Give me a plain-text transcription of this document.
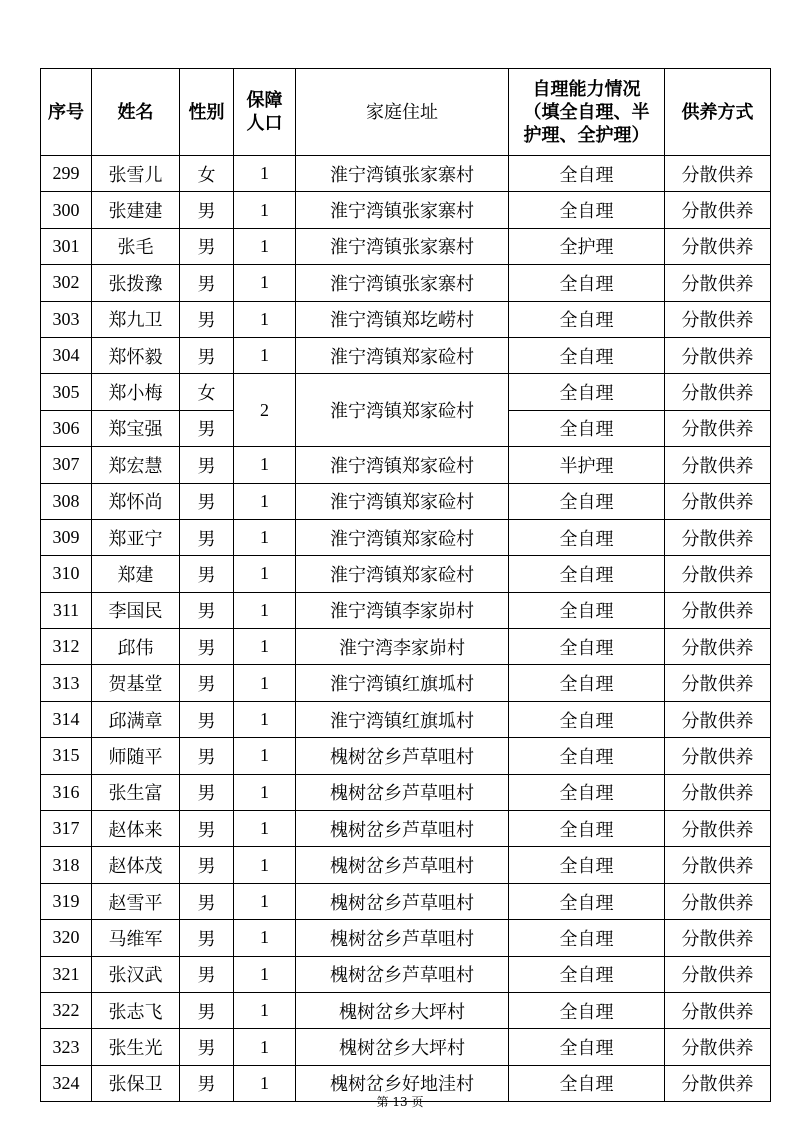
序号	姓名	性别	保障人口	家庭住址	自理能力情况（填全自理、半护理、全护理）	供养方式
299	张雪儿	女	1	淮宁湾镇张家寨村	全自理	分散供养
300	张建建	男	1	淮宁湾镇张家寨村	全自理	分散供养
301	张毛	男	1	淮宁湾镇张家寨村	全护理	分散供养
302	张拨豫	男	1	淮宁湾镇张家寨村	全自理	分散供养
303	郑九卫	男	1	淮宁湾镇郑圪崂村	全自理	分散供养
304	郑怀毅	男	1	淮宁湾镇郑家硷村	全自理	分散供养
305	郑小梅	女	2	淮宁湾镇郑家硷村	全自理	分散供养
306	郑宝强	男			全自理	分散供养
307	郑宏慧	男	1	淮宁湾镇郑家硷村	半护理	分散供养
308	郑怀尚	男	1	淮宁湾镇郑家硷村	全自理	分散供养
309	郑亚宁	男	1	淮宁湾镇郑家硷村	全自理	分散供养
310	郑建	男	1	淮宁湾镇郑家硷村	全自理	分散供养
311	李国民	男	1	淮宁湾镇李家峁村	全自理	分散供养
312	邱伟	男	1	淮宁湾李家峁村	全自理	分散供养
313	贺基堂	男	1	淮宁湾镇红旗坬村	全自理	分散供养
314	邱满章	男	1	淮宁湾镇红旗坬村	全自理	分散供养
315	师随平	男	1	槐树岔乡芦草咀村	全自理	分散供养
316	张生富	男	1	槐树岔乡芦草咀村	全自理	分散供养
317	赵体来	男	1	槐树岔乡芦草咀村	全自理	分散供养
318	赵体茂	男	1	槐树岔乡芦草咀村	全自理	分散供养
319	赵雪平	男	1	槐树岔乡芦草咀村	全自理	分散供养
320	马维军	男	1	槐树岔乡芦草咀村	全自理	分散供养
321	张汉武	男	1	槐树岔乡芦草咀村	全自理	分散供养
322	张志飞	男	1	槐树岔乡大坪村	全自理	分散供养
323	张生光	男	1	槐树岔乡大坪村	全自理	分散供养
324	张保卫	男	1	槐树岔乡好地洼村	全自理	分散供养
第 13 页
